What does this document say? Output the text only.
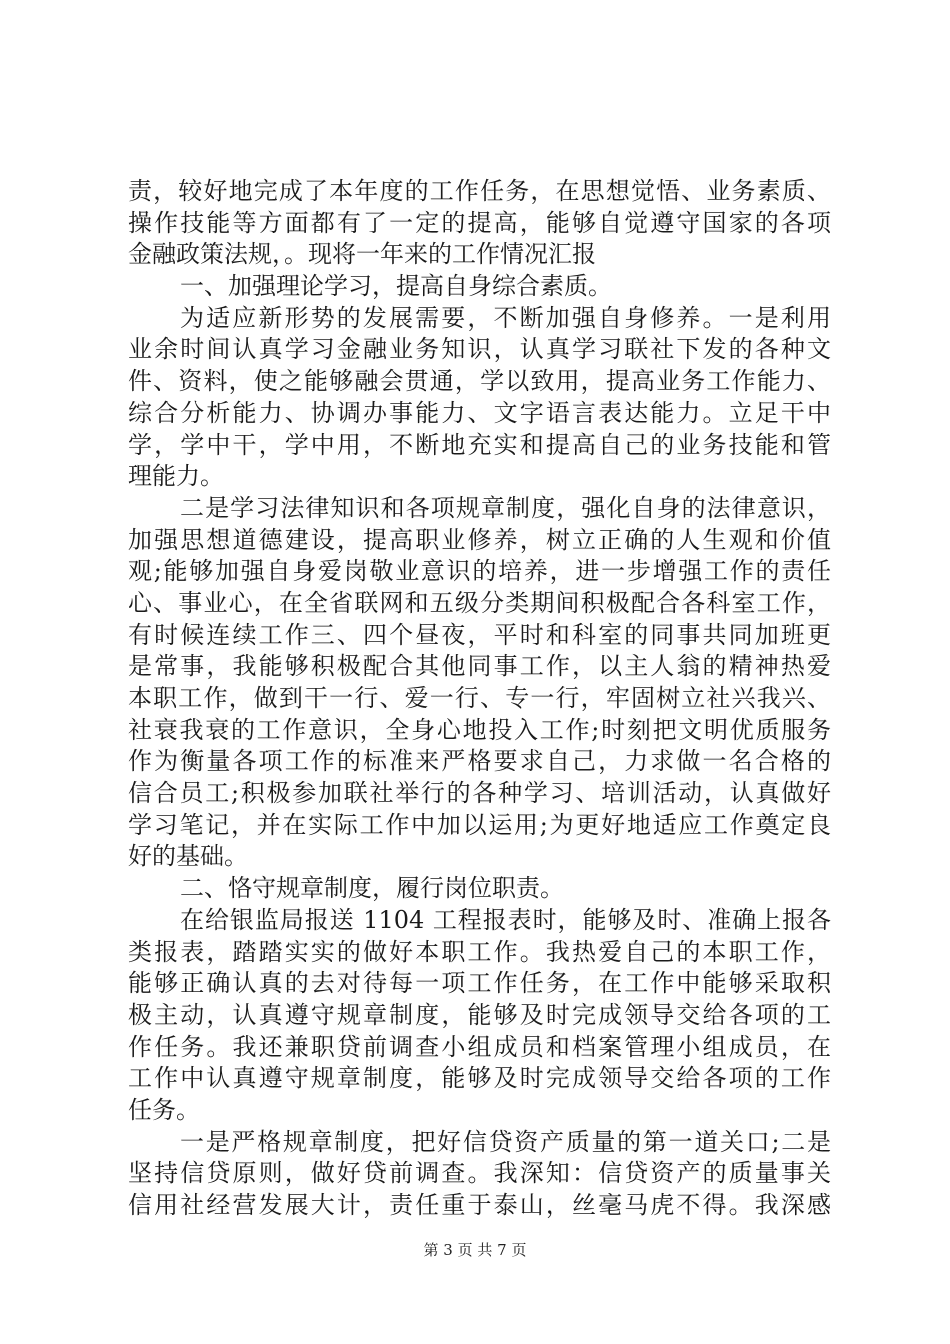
责，较好地完成了本年度的工作任务，在思想觉悟、业务素质、
操作技能等方面都有了一定的提高，能够自觉遵守国家的各项
金融政策法规，。现将一年来的工作情况汇报
一、加强理论学习，提高自身综合素质。
为适应新形势的发展需要，不断加强自身修养。一是利用
业余时间认真学习金融业务知识，认真学习联社下发的各种文
件、资料，使之能够融会贯通，学以致用，提高业务工作能力、
综合分析能力、协调办事能力、文字语言表达能力。立足干中
学，学中干，学中用，不断地充实和提高自己的业务技能和管
理能力。
二是学习法律知识和各项规章制度，强化自身的法律意识，
加强思想道德建设，提高职业修养，树立正确的人生观和价值
观;能够加强自身爱岗敬业意识的培养，进一步增强工作的责任
心、事业心，在全省联网和五级分类期间积极配合各科室工作，
有时候连续工作三、四个昼夜，平时和科室的同事共同加班更
是常事，我能够积极配合其他同事工作，以主人翁的精神热爱
本职工作，做到干一行、爱一行、专一行，牢固树立社兴我兴、
社衰我衰的工作意识，全身心地投入工作;时刻把文明优质服务
作为衡量各项工作的标准来严格要求自己，力求做一名合格的
信合员工;积极参加联社举行的各种学习、培训活动，认真做好
学习笔记，并在实际工作中加以运用;为更好地适应工作奠定良
好的基础。
二、恪守规章制度，履行岗位职责。
在给银监局报送 1104 工程报表时，能够及时、准确上报各
类报表，踏踏实实的做好本职工作。我热爱自己的本职工作，
能够正确认真的去对待每一项工作任务，在工作中能够采取积
极主动，认真遵守规章制度，能够及时完成领导交给各项的工
作任务。我还兼职贷前调查小组成员和档案管理小组成员，在
工作中认真遵守规章制度，能够及时完成领导交给各项的工作
任务。
一是严格规章制度，把好信贷资产质量的第一道关口;二是
坚持信贷原则，做好贷前调查。我深知：信贷资产的质量事关
信用社经营发展大计，责任重于泰山，丝毫马虎不得。我深感
第 3 页 共 7 页
